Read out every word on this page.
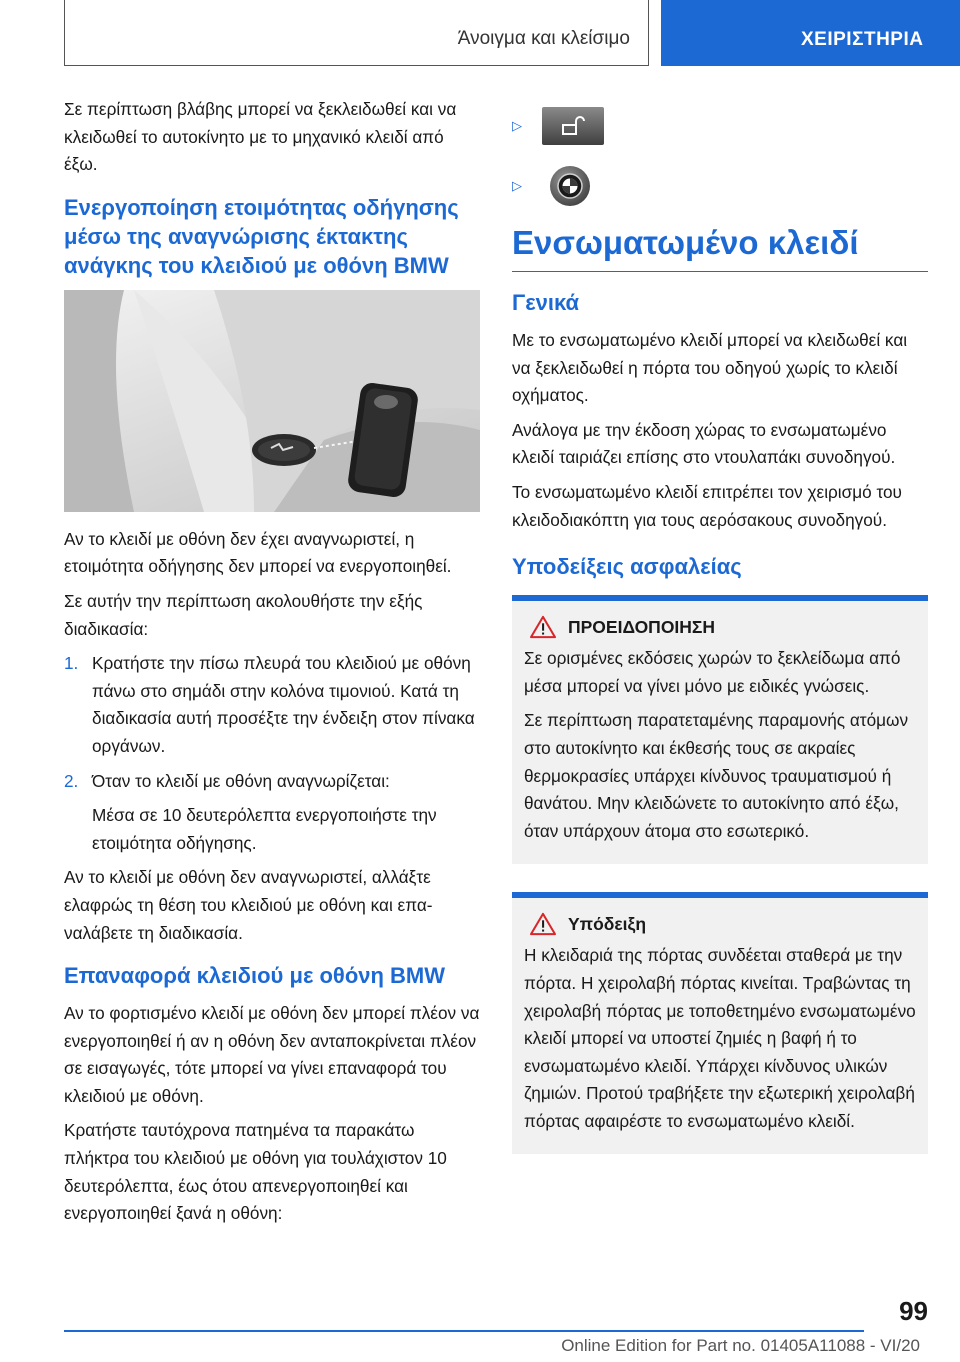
Άνοιγμα και κλείσιμο	ΧΕΙΡΙΣΤΗΡΙΑ

Σε περίπτωση βλάβης μπορεί να ξεκλειδωθεί και να κλειδωθεί το αυτοκίνητο με το μηχανικό κλειδί από έξω.

Ενεργοποίηση ετοιμότητας οδήγησης μέσω της αναγνώρισης έκτακτης ανάγκης του κλειδιού με οθόνη BMW

Αν το κλειδί με οθόνη δεν έχει αναγνωριστεί, η ετοιμότητα οδήγησης δεν μπορεί να ενεργοποιηθεί.

Σε αυτήν την περίπτωση ακολουθήστε την εξής διαδικασία:

1. Κρατήστε την πίσω πλευρά του κλειδιού με οθόνη πάνω στο σημάδι στην κολόνα τιμονιού. Κατά τη διαδικασία αυτή προσέξτε την ένδειξη στον πίνακα οργάνων.

2. Όταν το κλειδί με οθόνη αναγνωρίζεται:

Μέσα σε 10 δευτερόλεπτα ενεργοποιήστε την ετοιμότητα οδήγησης.

Αν το κλειδί με οθόνη δεν αναγνωριστεί, αλλάξτε ελαφρώς τη θέση του κλειδιού με οθόνη και επαναλάβετε τη διαδικασία.

Επαναφορά κλειδιού με οθόνη BMW

Αν το φορτισμένο κλειδί με οθόνη δεν μπορεί πλέον να ενεργοποιηθεί ή αν η οθόνη δεν ανταποκρίνεται πλέον σε εισαγωγές, τότε μπορεί να γίνει επαναφορά του κλειδιού με οθόνη.

Κρατήστε ταυτόχρονα πατημένα τα παρακάτω πλήκτρα του κλειδιού με οθόνη για τουλάχιστον 10 δευτερόλεπτα, έως ότου απενεργοποιηθεί και ενεργοποιηθεί ξανά η οθόνη:

▷
▷
Ενσωματωμένο κλειδί
Γενικά

Με το ενσωματωμένο κλειδί μπορεί να κλειδωθεί και να ξεκλειδωθεί η πόρτα του οδηγού χωρίς το κλειδί οχήματος.

Ανάλογα με την έκδοση χώρας το ενσωματωμένο κλειδί ταιριάζει επίσης στο ντουλαπάκι συνοδηγού.

Το ενσωματωμένο κλειδί επιτρέπει τον χειρισμό του κλειδοδιακόπτη για τους αερόσακους συνοδηγού.

Υποδείξεις ασφαλείας
ΠΡΟΕΙΔΟΠΟΙΗΣΗ

Σε ορισμένες εκδόσεις χωρών το ξεκλείδωμα από μέσα μπορεί να γίνει μόνο με ειδικές γνώσεις.

Σε περίπτωση παρατεταμένης παραμονής ατόμων στο αυτοκίνητο και έκθεσής τους σε ακραίες θερμοκρασίες υπάρχει κίνδυνος τραυματισμού ή θανάτου. Μην κλειδώνετε το αυτοκίνητο από έξω, όταν υπάρχουν άτομα στο εσωτερικό.

Υπόδειξη

Η κλειδαριά της πόρτας συνδέεται σταθερά με την πόρτα. Η χειρολαβή πόρτας κινείται. Τραβώντας τη χειρολαβή πόρτας με τοποθετημένο ενσωματωμένο κλειδί μπορεί να υποστεί ζημιές η βαφή ή το ενσωματωμένο κλειδί. Υπάρχει κίνδυνος υλικών ζημιών. Προτού τραβήξετε την εξωτερική χειρολαβή πόρτας αφαιρέστε το ενσωματωμένο κλειδί.

99
Online Edition for Part no. 01405A11088 - VI/20
